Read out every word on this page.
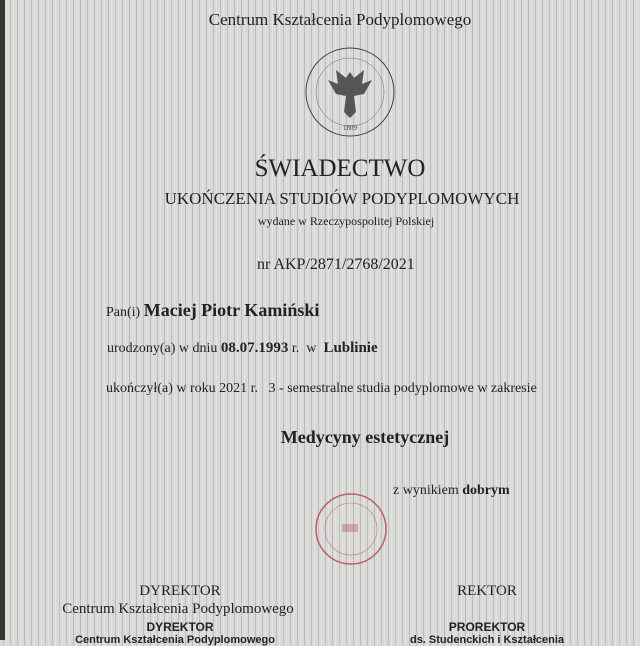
Centrum Kształcenia Podyplomowego
1809
ŚWIADECTWO
UKOŃCZENIA STUDIÓW PODYPLOMOWYCH
wydane w Rzeczypospolitej Polskiej
nr AKP/2871/2768/2021
Pan(i) Maciej Piotr Kamiński
urodzony(a) w dniu 08.07.1993 r. w Lublinie
ukończył(a) w roku 2021 r. 3 - semestralne studia podyplomowe w zakresie
Medycyny estetycznej
z wynikiem dobrym
DYREKTOR
Centrum Kształcenia Podyplomowego
DYREKTOR
Centrum Kształcenia Podyplomowego
REKTOR
PROREKTOR
ds. Studenckich i Kształcenia
